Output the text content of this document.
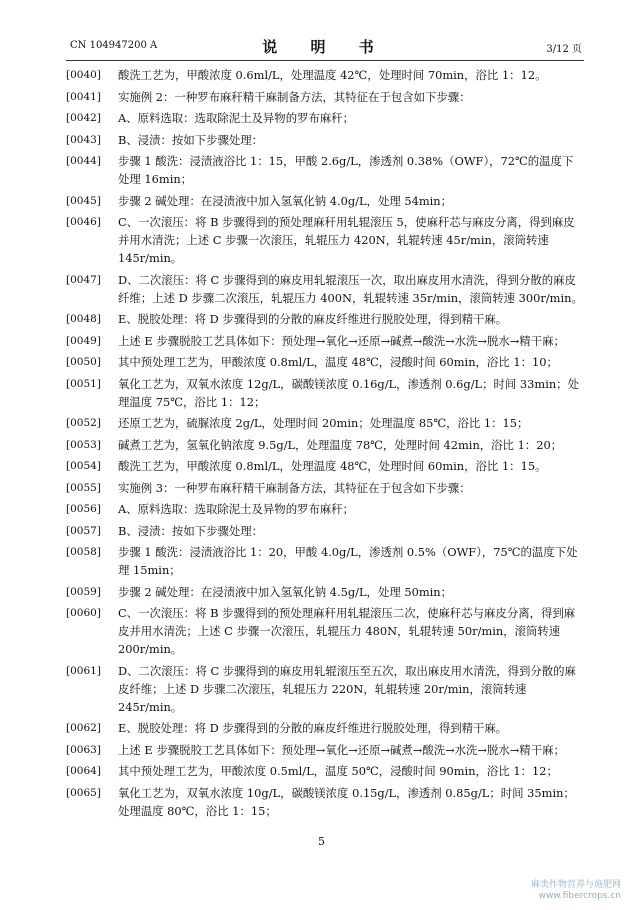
CN 104947200 A	说 明 书	3/12 页
[0040] 酸洗工艺为，甲酸浓度 0.6ml/L，处理温度 42℃，处理时间 70min，浴比 1：12。
[0041] 实施例 2：一种罗布麻秆精干麻制备方法，其特征在于包含如下步骤：
[0042] A、原料选取：选取除泥土及异物的罗布麻秆；
[0043] B、浸渍：按如下步骤处理：
[0044] 步骤 1 酸洗：浸渍液浴比 1：15，甲酸 2.6g/L，渗透剂 0.38%（OWF），72℃的温度下处理 16min；
[0045] 步骤 2 碱处理：在浸渍液中加入氢氧化钠 4.0g/L，处理 54min；
[0046] C、一次滚压：将 B 步骤得到的预处理麻秆用轧辊滚压 5，使麻秆芯与麻皮分离，得到麻皮并用水清洗；上述 C 步骤一次滚压，轧辊压力 420N，轧辊转速 45r/min，滚筒转速 145r/min。
[0047] D、二次滚压：将 C 步骤得到的麻皮用轧辊滚压一次，取出麻皮用水清洗，得到分散的麻皮纤维；上述 D 步骤二次滚压，轧辊压力 400N，轧辊转速 35r/min，滚筒转速 300r/min。
[0048] E、脱胶处理：将 D 步骤得到的分散的麻皮纤维进行脱胶处理，得到精干麻。
[0049] 上述 E 步骤脱胶工艺具体如下：预处理→氧化→还原→碱煮→酸洗→水洗→脱水→精干麻；
[0050] 其中预处理工艺为，甲酸浓度 0.8ml/L，温度 48℃，浸酸时间 60min，浴比 1：10；
[0051] 氧化工艺为，双氧水浓度 12g/L，碳酸镁浓度 0.16g/L，渗透剂 0.6g/L；时间 33min；处理温度 75℃，浴比 1：12；
[0052] 还原工艺为，硫脲浓度 2g/L，处理时间 20min；处理温度 85℃，浴比 1：15；
[0053] 碱煮工艺为，氢氧化钠浓度 9.5g/L，处理温度 78℃，处理时间 42min，浴比 1：20；
[0054] 酸洗工艺为，甲酸浓度 0.8ml/L，处理温度 48℃，处理时间 60min，浴比 1：15。
[0055] 实施例 3：一种罗布麻秆精干麻制备方法，其特征在于包含如下步骤：
[0056] A、原料选取：选取除泥土及异物的罗布麻秆；
[0057] B、浸渍：按如下步骤处理：
[0058] 步骤 1 酸洗：浸渍液浴比 1：20，甲酸 4.0g/L，渗透剂 0.5%（OWF），75℃的温度下处理 15min；
[0059] 步骤 2 碱处理：在浸渍液中加入氢氧化钠 4.5g/L，处理 50min；
[0060] C、一次滚压：将 B 步骤得到的预处理麻秆用轧辊滚压二次，使麻秆芯与麻皮分离，得到麻皮并用水清洗；上述 C 步骤一次滚压，轧辊压力 480N，轧辊转速 50r/min，滚筒转速 200r/min。
[0061] D、二次滚压：将 C 步骤得到的麻皮用轧辊滚压至五次，取出麻皮用水清洗，得到分散的麻皮纤维；上述 D 步骤二次滚压，轧辊压力 220N，轧辊转速 20r/min，滚筒转速 245r/min。
[0062] E、脱胶处理：将 D 步骤得到的分散的麻皮纤维进行脱胶处理，得到精干麻。
[0063] 上述 E 步骤脱胶工艺具体如下：预处理→氧化→还原→碱煮→酸洗→水洗→脱水→精干麻；
[0064] 其中预处理工艺为，甲酸浓度 0.5ml/L，温度 50℃，浸酸时间 90min，浴比 1：12；
[0065] 氧化工艺为，双氧水浓度 10g/L，碳酸镁浓度 0.15g/L，渗透剂 0.85g/L；时间 35min；处理温度 80℃，浴比 1：15；
5
麻类作物营养与施肥网
www.fibercrops.cn
